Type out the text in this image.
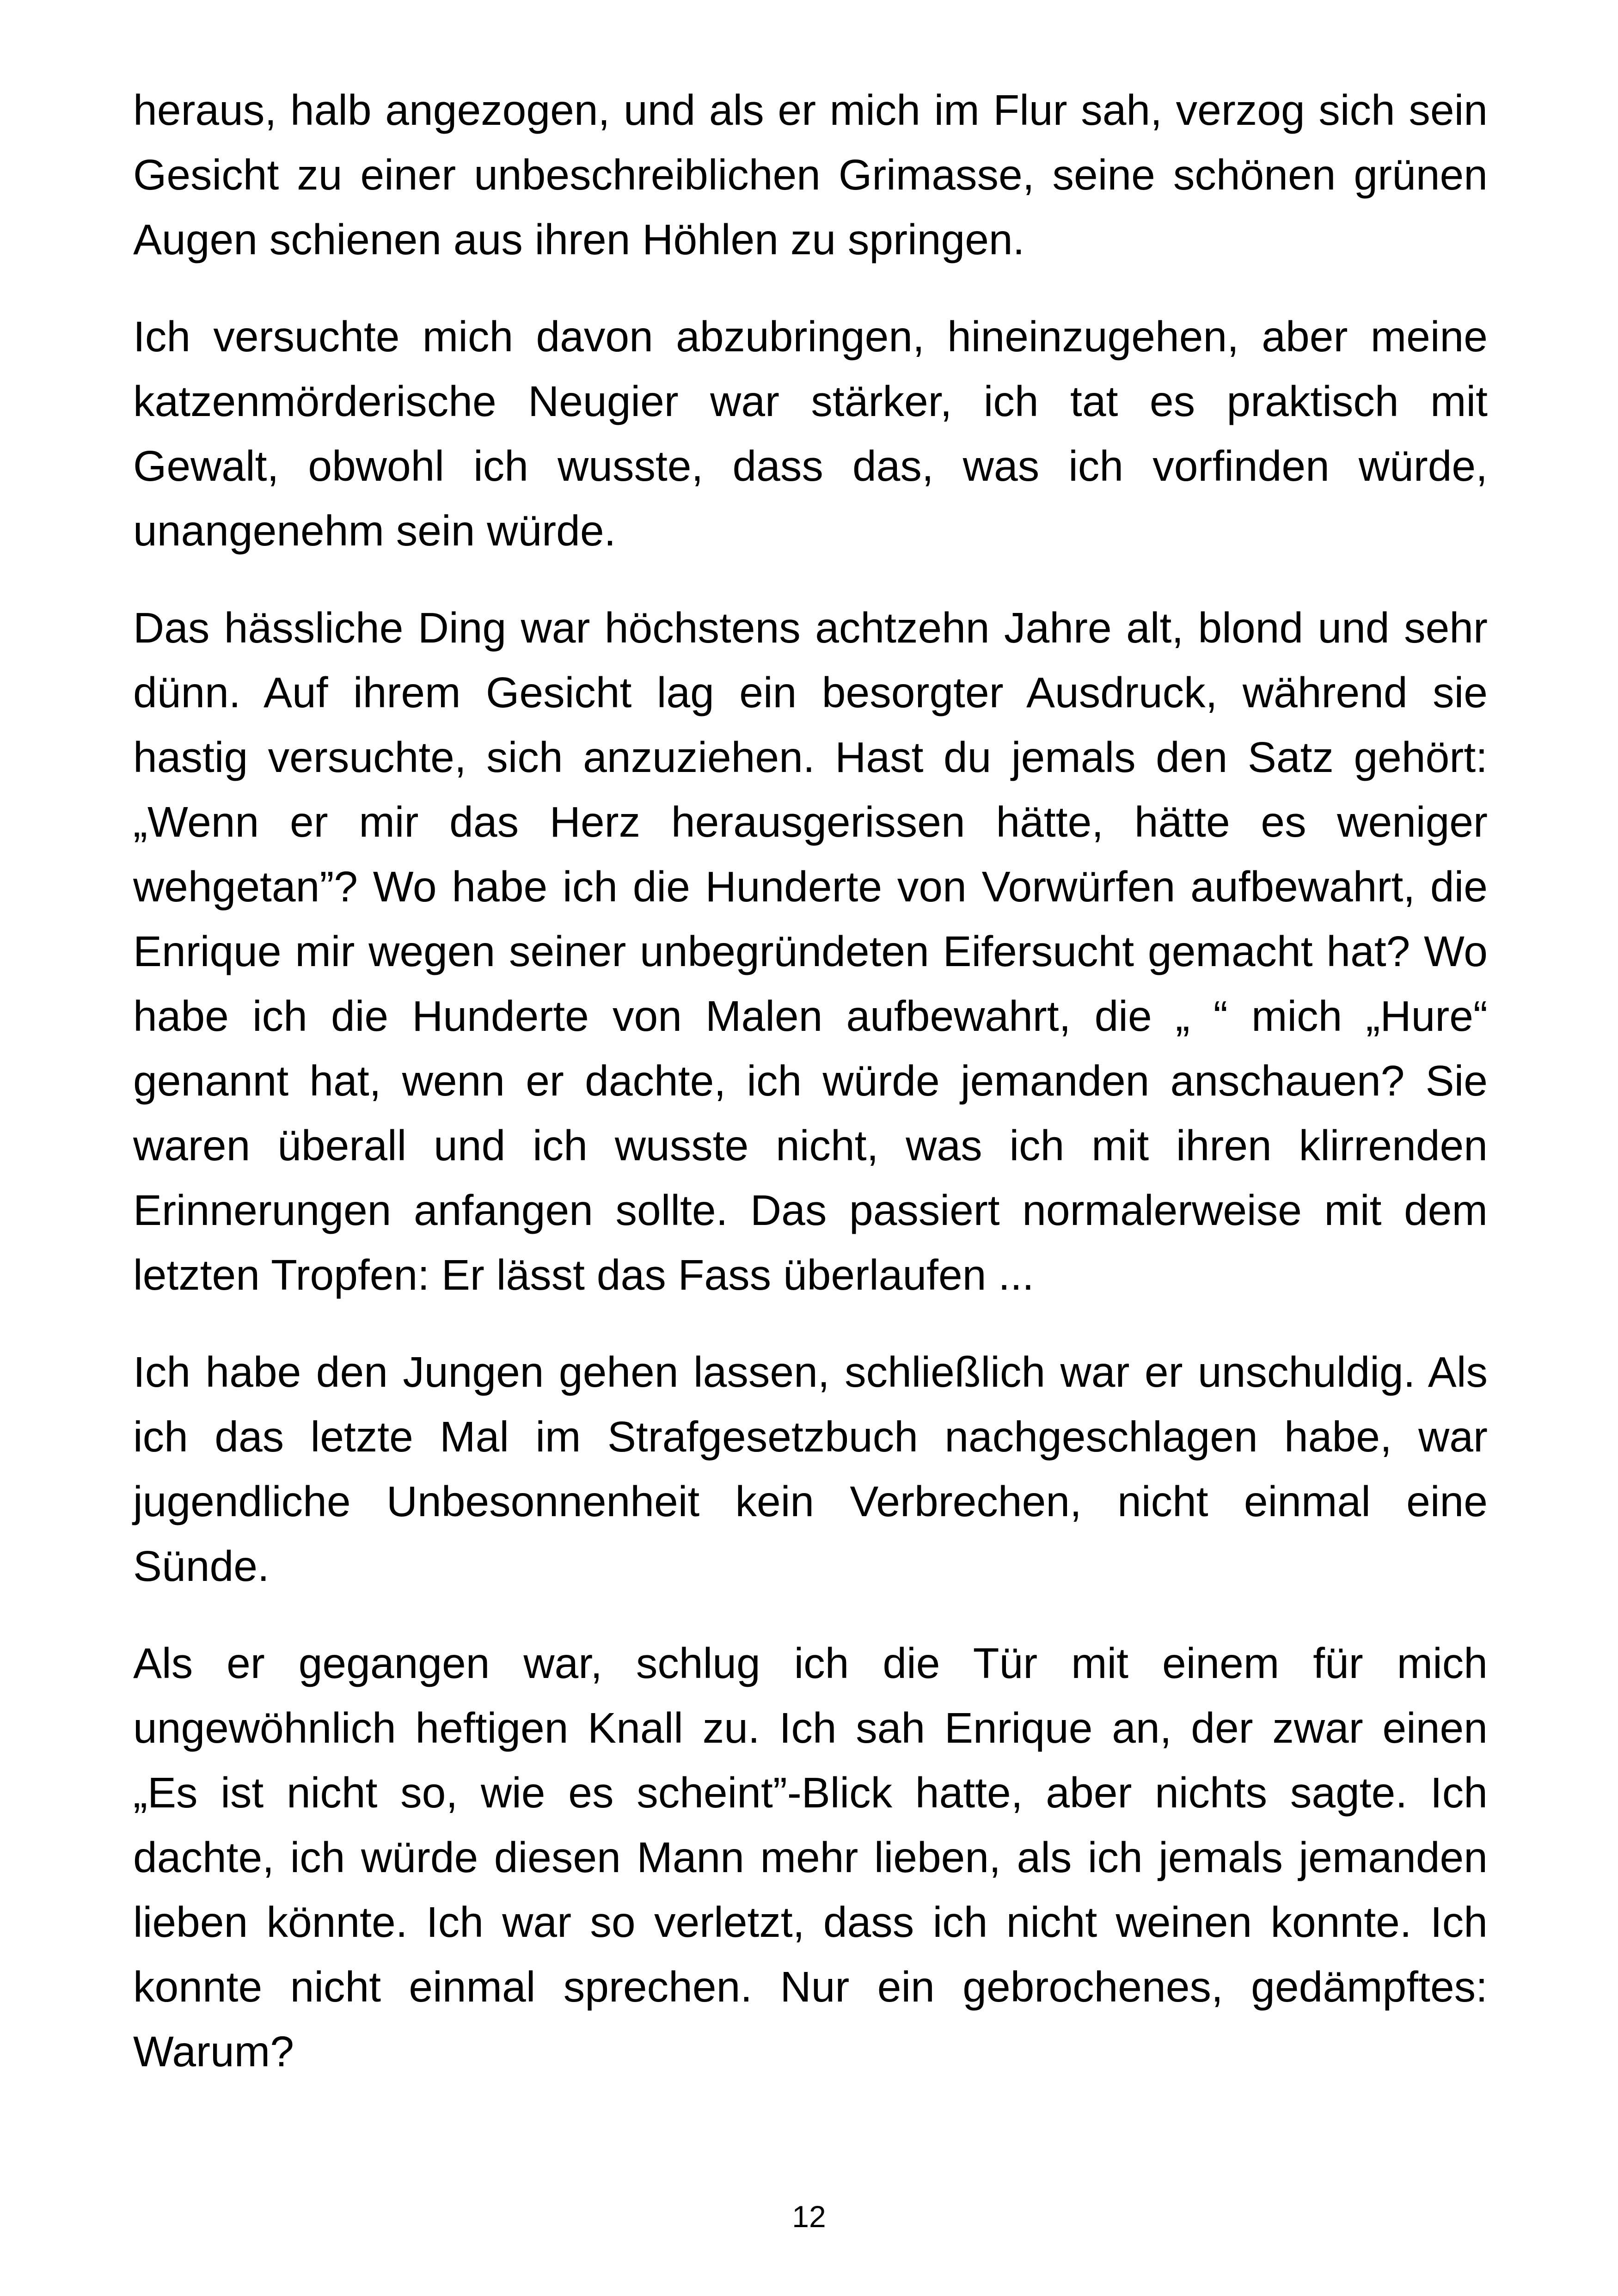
heraus, halb angezogen, und als er mich im Flur sah, verzog sich sein Gesicht zu einer unbeschreiblichen Grimasse, seine schönen grünen Augen schienen aus ihren Höhlen zu springen.

Ich versuchte mich davon abzubringen, hineinzugehen, aber meine katzenmörderische Neugier war stärker, ich tat es praktisch mit Gewalt, obwohl ich wusste, dass das, was ich vorfinden würde, unangenehm sein würde.

Das hässliche Ding war höchstens achtzehn Jahre alt, blond und sehr dünn. Auf ihrem Gesicht lag ein besorgter Ausdruck, während sie hastig versuchte, sich anzuziehen. Hast du jemals den Satz gehört: „Wenn er mir das Herz herausgerissen hätte, hätte es weniger wehgetan”? Wo habe ich die Hunderte von Vorwürfen aufbewahrt, die Enrique mir wegen seiner unbegründeten Eifersucht gemacht hat? Wo habe ich die Hunderte von Malen aufbewahrt, die „ “ mich „Hure“ genannt hat, wenn er dachte, ich würde jemanden anschauen? Sie waren überall und ich wusste nicht, was ich mit ihren klirrenden Erinnerungen anfangen sollte. Das passiert normalerweise mit dem letzten Tropfen: Er lässt das Fass überlaufen ...

Ich habe den Jungen gehen lassen, schließlich war er unschuldig. Als ich das letzte Mal im Strafgesetzbuch nachgeschlagen habe, war jugendliche Unbesonnenheit kein Verbrechen, nicht einmal eine Sünde.

Als er gegangen war, schlug ich die Tür mit einem für mich ungewöhnlich heftigen Knall zu. Ich sah Enrique an, der zwar einen „Es ist nicht so, wie es scheint”-Blick hatte, aber nichts sagte. Ich dachte, ich würde diesen Mann mehr lieben, als ich jemals jemanden lieben könnte. Ich war so verletzt, dass ich nicht weinen konnte. Ich konnte nicht einmal sprechen. Nur ein gebrochenes, gedämpftes: Warum?

12
